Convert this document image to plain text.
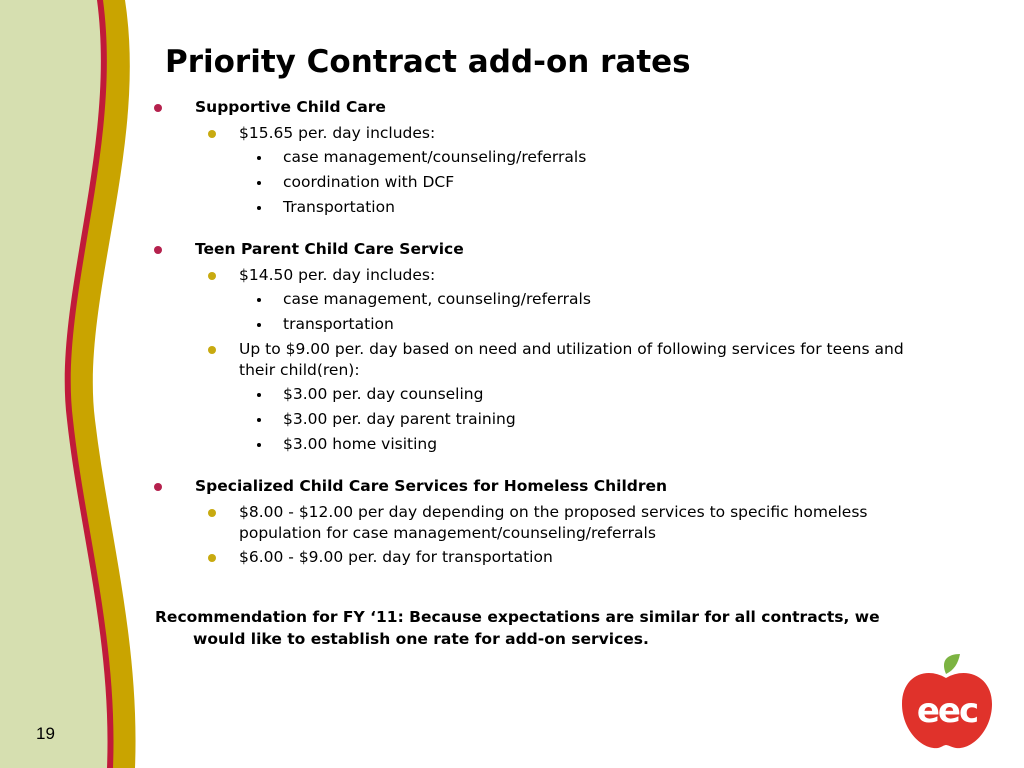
Priority Contract add-on rates
Supportive Child Care
$15.65 per. day includes:
case management/counseling/referrals
coordination with DCF
Transportation
Teen Parent Child Care Service
$14.50 per. day includes:
case management, counseling/referrals
transportation
Up to $9.00 per. day based on need and utilization of following services for teens and their child(ren):
$3.00 per. day counseling
$3.00 per. day parent training
$3.00 home visiting
Specialized Child Care Services for Homeless Children
$8.00 - $12.00 per day depending on the proposed services to specific homeless population for case management/counseling/referrals
$6.00 - $9.00 per. day for transportation

Recommendation for FY ‘11: Because expectations are similar for all contracts, we would like to establish one rate for add-on services.

19
eec
